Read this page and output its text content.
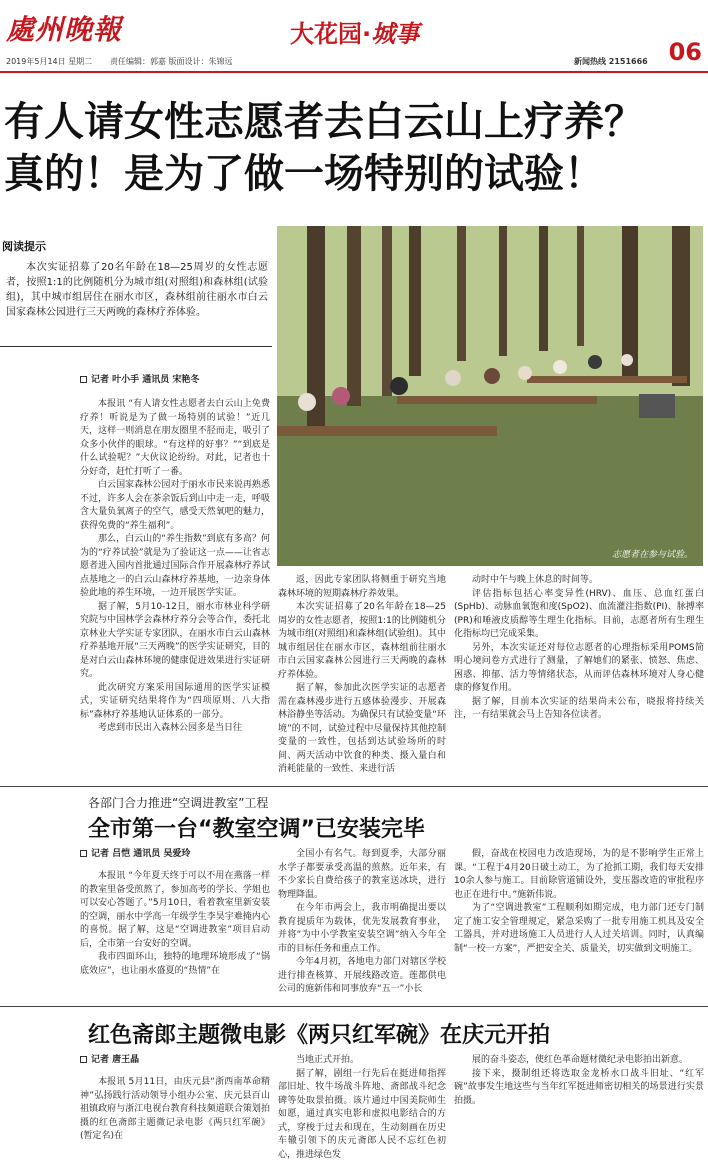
處州晚報	大花园·城事
06
2019年5月14日 星期二 责任编辑：郭嘉 版面设计：朱锦远	新闻热线 2151666
有人请女性志愿者去白云山上疗养？
真的！是为了做一场特别的试验！
阅读提示
本次实证招募了20名年龄在18—25周岁的女性志愿者，按照1:1的比例随机分为城市组(对照组)和森林组(试验组)，其中城市组居住在丽水市区，森林组前往丽水市白云国家森林公园进行三天两晚的森林疗养体验。
志愿者在参与试验。
记者 叶小手 通讯员 宋艳冬

本报讯 “有人请女性志愿者去白云山上免费疗养！听说是为了做一场特别的试验！”近几天，这样一则消息在朋友圈里不胫而走，吸引了众多小伙伴的眼球。“有这样的好事？”“到底是什么试验呢？”大伙议论纷纷。对此，记者也十分好奇，赶忙打听了一番。

白云国家森林公园对于丽水市民来说再熟悉不过，许多人会在茶余饭后到山中走一走，呼吸含大量负氧离子的空气，感受天然氧吧的魅力，获得免费的“养生福利”。

那么，白云山的“养生指数”到底有多高？何为的“疗养试验”就是为了验证这一点——让省志愿者进入国内首批通过国际合作开展森林疗养试点基地之一的白云山森林疗养基地，一边亲身体验此地的养生环境，一边开展医学实证。

据了解，5月10-12日，丽水市林业科学研究院与中国林学会森林疗养分会等合作，委托北京林业大学实证专家团队，在丽水市白云山森林疗养基地开展“三天两晚”的医学实证研究，目的是对白云山森林环境的健康促进效果进行实证研究。

此次研究方案采用国际通用的医学实证模式，实证研究结果将作为“四项原则、八大指标”森林疗养基地认证体系的一部分。

考虑到市民出入森林公园多是当日往

返，因此专家团队将侧重于研究当地森林环境的短期森林疗养效果。

本次实证招募了20名年龄在18—25周岁的女性志愿者，按照1:1的比例随机分为城市组(对照组)和森林组(试验组)。其中城市组居住在丽水市区，森林组前往丽水市白云国家森林公园进行三天两晚的森林疗养体验。

据了解，参加此次医学实证的志愿者需在森林漫步进行五感体验漫步、开展森林浴静坐等活动。为确保只有试验变量“环境”的不同，试验过程中尽量保持其他控制变量的一致性，包括到达试验场所的时间、两天活动中饮食的种类、摄入量白和消耗能量的一致性、来进行活

动时中午与晚上休息的时间等。

评估指标包括心率变异性(HRV)、血压、总血红蛋白(SpHb)、动脉血氧饱和度(SpO2)、血流灌注指数(PI)、脉搏率(PR)和唾液皮质醇等生理生化指标。目前，志愿者所有生理生化指标均已完成采集。

另外，本次实证还对每位志愿者的心理指标采用POMS简明心境问卷方式进行了测量，了解她们的紧张、愤怒、焦虑、困惑、抑郁、活力等情绪状态，从而评估森林环境对人身心健康的修复作用。

据了解，目前本次实证的结果尚未公布，晓报将持续关注，一有结果就会马上告知各位读者。

各部门合力推进“空调进教室”工程
全市第一台“教室空调”已安装完毕
记者 吕恺 通讯员 吴爱玲

本报讯 “今年夏天终于可以不用在燕落一样的教室里备受煎熬了，参加高考的学长、学姐也可以安心答题了。”5月10日，看着教室里新安装的空调，丽水中学高一年级学生李昊宇难掩内心的喜悦。据了解，这是“空调进教室”项目启动后，全市第一台安好的空调。

我市四面环山，独特的地理环境形成了“锅底效应”，也让丽水盛夏的“热情”在

全国小有名气。每到夏季，大部分丽水学子都要承受高温的煎熬。近年来，有不少家长自费给孩子的教室送冰块，进行物理降温。

在今年市两会上，我市明确提出要以教育提质年为载体，优先发展教育事业，并将“为中小学教室安装空调”纳入今年全市的目标任务和重点工作。

今年4月初，各地电力部门对辖区学校进行排查核算、开展线路改造。莲都供电公司的施新伟和同事放弃“五一”小长

假，奋战在校园电力改造现场，为的是不影响学生正常上课。“工程于4月20日破土动工，为了抢抓工期，我们每天安排10余人参与施工。目前除管道铺设外，变压器改造的审批程序也正在进行中。”施新伟说。

为了“空调进教室”工程顺利如期完成，电力部门还专门制定了施工安全管理规定，紧急采购了一批专用施工机具及安全工器具，并对进场施工人员进行人人过关培训。同时，认真编制“一校一方案”，严把安全关、质量关，切实做到文明施工。

红色斋郎主题微电影《两只红军碗》在庆元开拍
记者 唐王晶

本报讯 5月11日，由庆元县“浙西南革命精神”弘扬践行活动领导小组办公室、庆元县百山祖镇政府与浙江电视台教育科技频道联合策划拍摄的红色斋郎主题微记录电影《两只红军碗》(暂定名)在

当地正式开拍。

据了解，剧组一行先后在挺进师指挥部旧址、牧牛场战斗阵地、斋郎战斗纪念碑等处取景拍摄。该片通过中国美院师生如愿，通过真实电影和虚拟电影结合的方式，穿梭于过去和现在，生动刻画在历史车辙引领下的庆元斋郎人民不忘红色初心，推进绿色发

展的奋斗姿态，使红色革命题材微纪录电影拍出新意。

接下来，摄制组还将选取金龙桥水口战斗旧址、“红军碗”故事发生地这些与当年红军挺进师密切相关的场景进行实景拍摄。
